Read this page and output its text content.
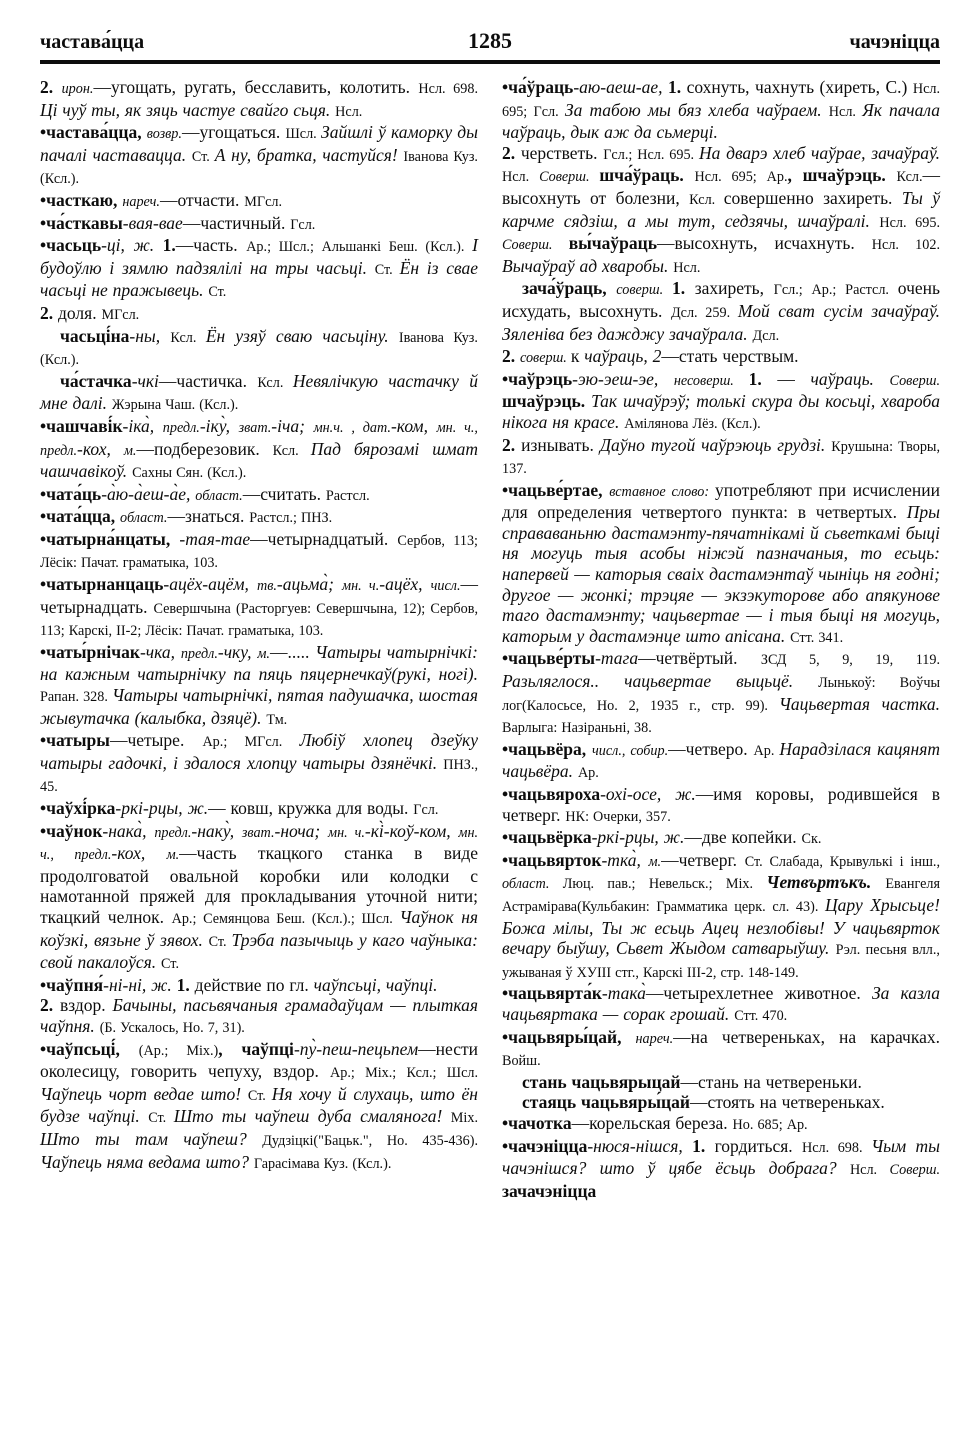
частава́цца	1285	чачэніцца

2. ирон.—угощать, ругать, бесславить, колотить. Нсл. 698. Ці чуў ты, як зяць частуе свайго сьця. Нсл.

•частава́цца, возвр.—угощаться. Шсл. Зайшлі ў каморку ды пачалі частавацца. Ст. А ну, братка, частуйся! Іванова Куз. (Ксл.).

•часткаю, нареч.—отчасти. МГсл.

•ча́сткавы-вая-вае—частичный. Гсл.

•часьць-ці, ж. 1.—часть. Ар.; Шсл.; Альшанкі Беш. (Ксл.). І будоўлю і зямлю падзялілі на тры часьці. Ст. Ён із свае часьці не пражывець. Ст.

2. доля. МГсл.

часьці́на-ны, Ксл. Ён узяў сваю часьціну. Іванова Куз. (Ксл.).

ча́стачка-чкі—частичка. Ксл. Невялічкую частачку й мне далі. Жэрына Чаш. (Ксл.).

•чашчаві́к-іка̀, предл.-іку̀, зват.-іча; мн.ч. , дат.-ком, мн. ч., предл.-кох, м.—подберезовик. Ксл. Пад бярозамі шмат чашчавікоў. Сахны Сян. (Ксл.).

•чата́ць-а̀ю-а̀еш-а̀е, област.—считать. Растсл.

•чата́цца, област.—знаться. Растсл.; ПНЗ.

•чатырна́нцаты, -тая-тае—четырнадцатый. Сербов, 113; Лёсік: Пачат. граматыка, 103.

•чатырнанцаць-ацёх-ацём, тв.-ацьма̀; мн. ч.-ацёх, числ.—четырнадцать. Севершчына (Расторгуев: Севершчына, 12); Сербов, 113; Карскі, II-2; Лёсік: Пачат. граматыка, 103.

•чаты́рнічак-чка, предл.-чку, м.—..... Чатыры чатырнічкі: на кажным чатырнічку па пяць пяцернечкаў(рукі, ногі). Рапан. 328. Чатыры чатырнічкі, пятая падушачка, шостая жывутачка (калыбка, дзяцё). Тм.

•чатыры—четыре. Ар.; МГсл. Любіў хлопец дзеўку чатыры гадочкі, і здалося хлопцу чатыры дзянёчкі. ПНЗ., 45.

•чаўхі́рка-ркі-рцы, ж.— ковш, кружка для воды. Гсл.

•чаўнок-нака̀, предл.-наку̀, зват.-ноча; мн. ч.-кі̀-коў-ком, мн. ч., предл.-кох, м.—часть ткацкого станка в виде продолговатой овальной коробки или колодки с намотанной пряжей для прокладывания уточной нити; ткацкий челнок. Ар.; Семянцова Беш. (Ксл.).; Шсл. Чаўнок ня коўзкі, вязьне ў зявох. Ст. Трэба пазычыць у каго чаўныка: свой пакалоўся. Ст.

•чаўпня́-ні-ні, ж. 1. действие по гл. чаўпсьці, чаўпці.

2. вздор. Бачыны, пасьвячаныя грамадаўцам — плыткая чаўпня. (Б. Ускалось, Но. 7, 31).

•чаўпсьці́, (Ар.; Міх.), чаўпці-пу̀-пеш-пецьпем—нести околесицу, говорить чепуху, вздор. Ар.; Міх.; Ксл.; Шсл. Чаўпець чорт ведае што! Ст. Ня хочу й слухаць, што ён будзе чаўпці. Ст. Што ты чаўпеш дуба смалянога! Міх. Што ты там чаўпеш? Дудзіцкі("Бацьк.", Но. 435-436). Чаўпець няма ведама што? Гарасімава Куз. (Ксл.).

•ча́ўраць-аю-аеш-ае, 1. сохнуть, чахнуть (хиреть, С.) Нсл. 695; Гсл. За табою мы бяз хлеба чаўраем. Нсл. Як пачала чаўраць, дык аж да сьмерці.

2. черстветь. Гсл.; Нсл. 695. На дварэ хлеб чаўрае, зачаўраў. Нсл. Соверш. шча́ўраць. Нсл. 695; Ар., шчаўрэць. Ксл.—высохнуть от болезни, Ксл. совершенно захиреть. Ты ў карчме сядзіш, а мы тут, седзячы, шчаўралі. Нсл. 695. Соверш. вы́чаўраць—высохнуть, исчахнуть. Нсл. 102. Вычаўраў ад хваробы. Нсл.

зача́ўраць, соверш. 1. захиреть, Гсл.; Ар.; Растсл. очень исхудать, высохнуть. Дсл. 259. Мой сват сусім зачаўраў. Зяленіва без дажджу зачаўрала. Дсл.

2. соверш. к чаўраць, 2—стать черствым.

•чаўрэць-эю-эеш-эе, несоверш. 1. — чаўраць. Соверш. шчаўрэць. Так шчаўрэў; толькі скура ды косьці, хвароба нікога ня красе. Амілянова Лёз. (Ксл.).

2. изнывать. Даўно тугой чаўрэюць грудзі. Крушына: Творы, 137.

•чацьве́ртае, вставное слово: употребляют при исчислении для определения четвертого пункта: в четвертых. Пры справаваньню дастамэнту-пячатнікамі й сьветкамі быці ня могуць тыя асобы ніжэй пазначаныя, то есьць: напервей — каторыя сваіх дастамэнтаў чыніць ня годні; другое — жонкі; трэцяе — экзэкуторове або апякунове таго дастамэнту; чацьвертае — і тыя быці ня могуць, каторым у дастамэнце што апісана. Стт. 341.

•чацьве́рты-тага—четвёртый. ЗСД 5, 9, 19, 119. Разьляглося.. чацьвертае выцьцё. Лынькоў: Воўчы лог(Калосьсе, Но. 2, 1935 г., стр. 99). Чацьвертая частка. Варлыга: Назіраньні, 38.

•чацьвёра, числ., собир.—четверо. Ар. Нарадзілася кацянят чацьвёра. Ар.

•чацьвяроха-охі-осе, ж.—имя коровы, родившейся в четверг. НК: Очерки, 357.

•чацьвёрка-ркі-рцы, ж.—две копейки. Ск.

•чацьвярток-тка̀, м.—четверг. Ст. Слабада, Крывулькі і інш., област. Люц. пав.; Невельск.; Міх. Четвъртъкъ. Евангеля Астрамірава(Кульбакин: Грамматика церк. сл. 43). Цару Хрысьце! Божа мілы, Ты ж есьць Ацец незлобівы! У чацьвярток вечару быўшу, Сьвет Жыдом сатварыўшу. Рэл. песьня влл., ужываная ў ХУІІІ стг., Карскі III-2, стр. 148-149.

•чацьвярта́к-така̀—четырехлетнее животное. За казла чацьвяртака — сорак грошай. Стт. 470.

•чацьвяры́цай, нареч.—на четвереньках, на карачках. Войш.

стань чацьвярыцай—стань на четвереньки.

стаяць чацьвяры́цай—стоять на четвереньках.

•чачотка—корельская береза. Но. 685; Ар.

•чачэніцца-нюся-нішся, 1. гордиться. Нсл. 698. Чым ты чачэнішся? што ў цябе ёсьць добрага? Нсл. Соверш. зачачэніцца
